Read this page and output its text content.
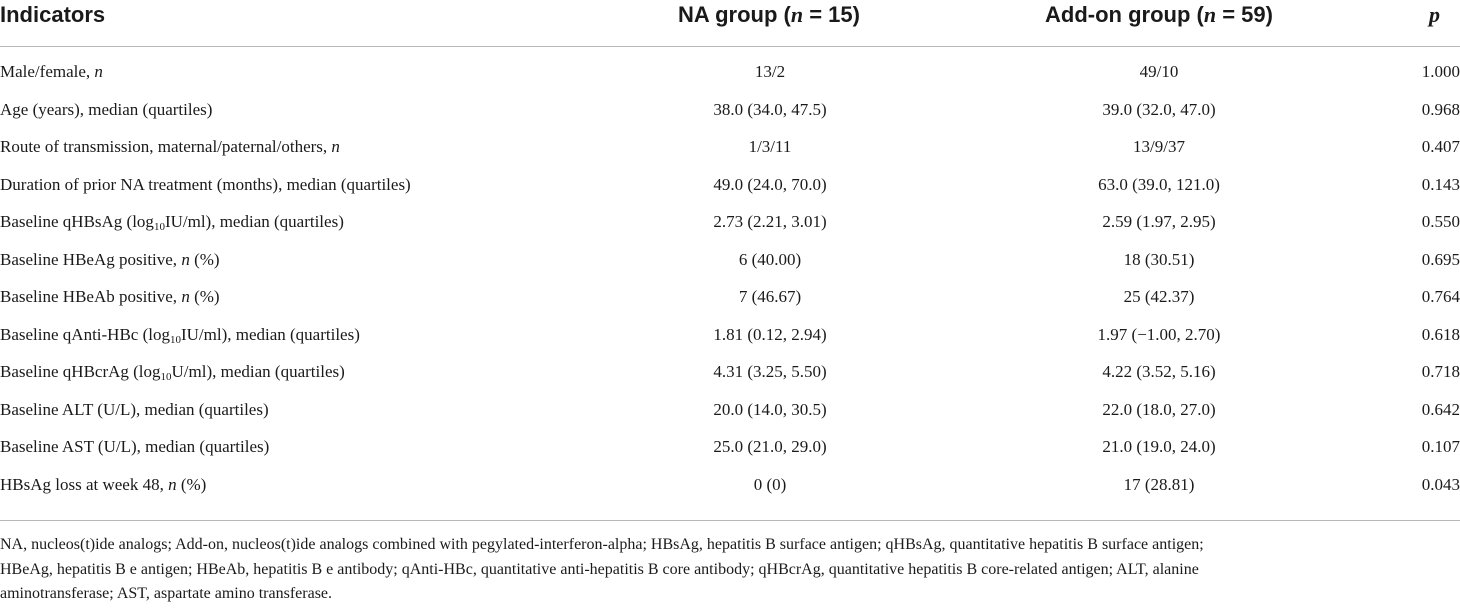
Indicators	NA group (n = 15)	Add-on group (n = 59)	p
Male/female, n	13/2	49/10	1.000
Age (years), median (quartiles)	38.0 (34.0, 47.5)	39.0 (32.0, 47.0)	0.968
Route of transmission, maternal/paternal/others, n	1/3/11	13/9/37	0.407
Duration of prior NA treatment (months), median (quartiles)	49.0 (24.0, 70.0)	63.0 (39.0, 121.0)	0.143
Baseline qHBsAg $(\log_{10}IU/ml)$, median (quartiles)	2.73 (2.21, 3.01)	2.59 (1.97, 2.95)	0.550
Baseline HBeAg positive, n (%)	6 (40.00)	18 (30.51)	0.695
Baseline HBeAb positive, n (%)	7 (46.67)	25 (42.37)	0.764
Baseline qAnti-HBc $(\log_{10}IU/ml)$, median (quartiles)	1.81 (0.12, 2.94)	1.97 (−1.00, 2.70)	0.618
Baseline qHBcrAg $(\log_{10}U/ml)$, median (quartiles)	4.31 (3.25, 5.50)	4.22 (3.52, 5.16)	0.718
Baseline ALT (U/L), median (quartiles)	20.0 (14.0, 30.5)	22.0 (18.0, 27.0)	0.642
Baseline AST (U/L), median (quartiles)	25.0 (21.0, 29.0)	21.0 (19.0, 24.0)	0.107
HBsAg loss at week 48, n (%)	0 (0)	17 (28.81)	0.043

NA, nucleos(t)ide analogs; Add-on, nucleos(t)ide analogs combined with pegylated-interferon-alpha; HBsAg, hepatitis B surface antigen; qHBsAg, quantitative hepatitis B surface antigen;

HBeAg, hepatitis B e antigen; HBeAb, hepatitis B e antibody; qAnti-HBc, quantitative anti-hepatitis B core antibody; qHBcrAg, quantitative hepatitis B core-related antigen; ALT, alanine

aminotransferase; AST, aspartate amino transferase.
